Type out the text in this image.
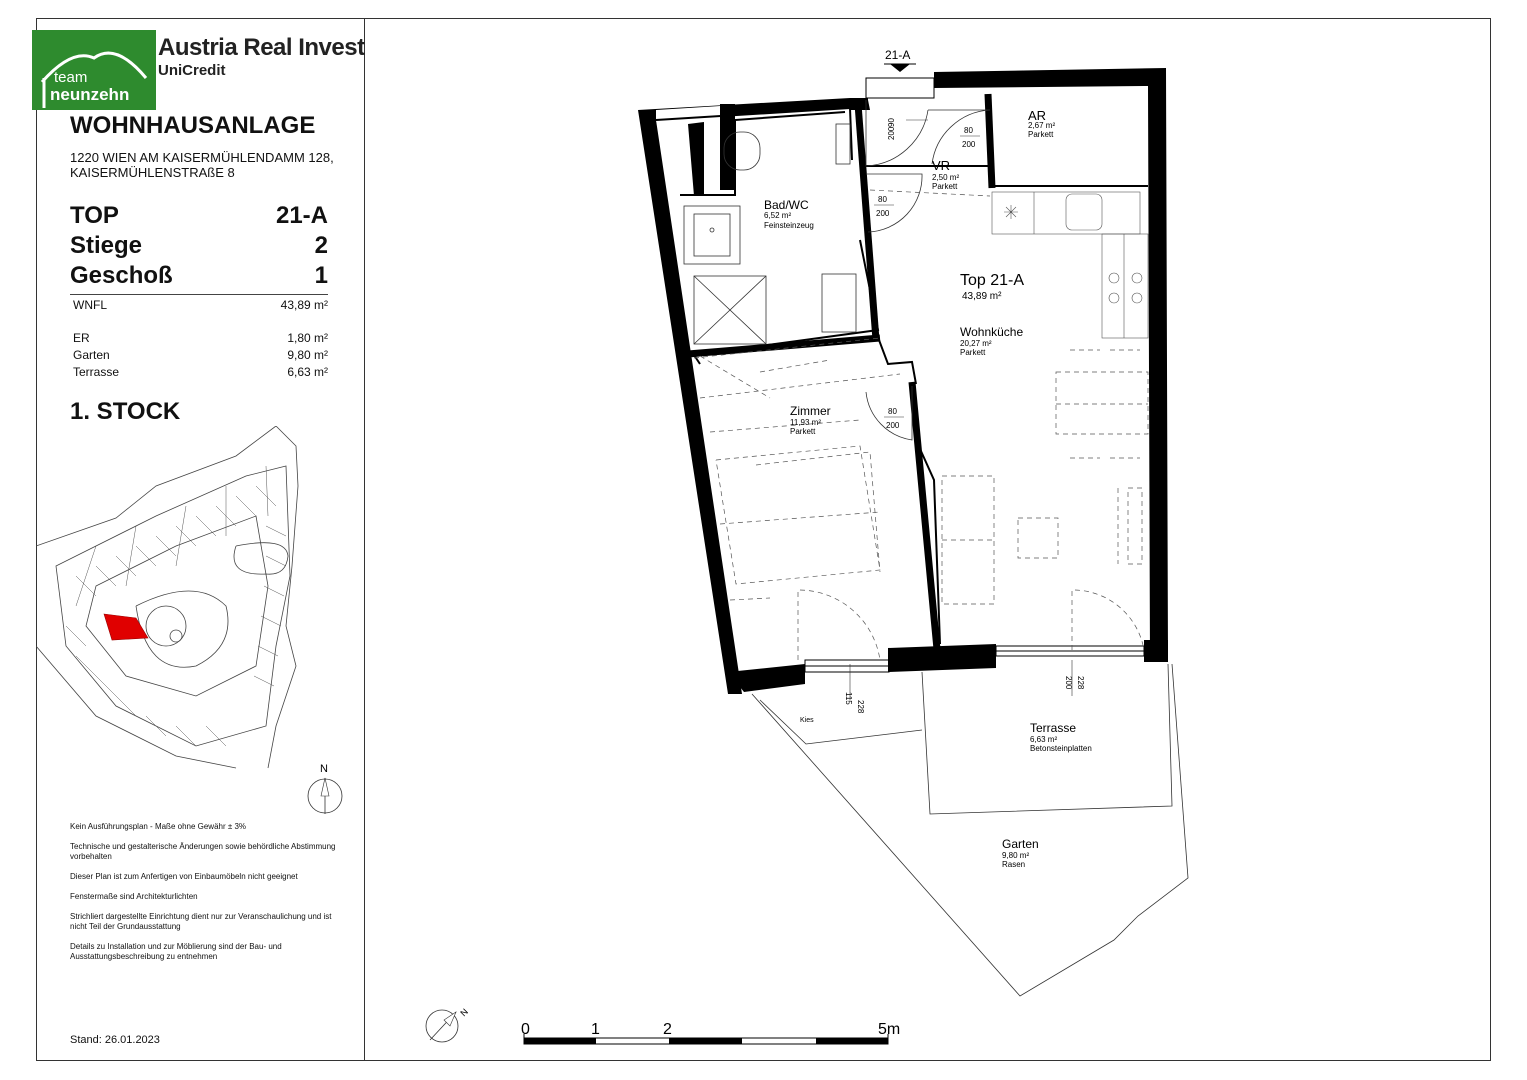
team
neunzehn
Austria Real Invest
UniCredit
WOHNHAUSANLAGE
1220 WIEN AM KAISERMÜHLENDAMM 128,
KAISERMÜHLENSTRAßE 8
TOP	21-A
Stiege	2
Geschoß	1
WNFL	43,89 m²
ER	1,80 m²
Garten	9,80 m²
Terrasse	6,63 m²
1. STOCK
N

Kein Ausführungsplan - Maße ohne Gewähr ± 3%

Technische und gestalterische Änderungen sowie behördliche Abstimmung vorbehalten

Dieser Plan ist zum Anfertigen von Einbaumöbeln nicht geeignet

Fenstermaße sind Architekturlichten

Strichliert dargestellte Einrichtung dient nur zur Veranschaulichung und ist nicht Teil der Grundausstattung

Details zu Installation und zur Möblierung sind der Bau- und Ausstattungsbeschreibung zu entnehmen

Stand: 26.01.2023
21-A
AR
2,67 m²
Parkett
VR
2,50 m²
Parkett
Bad/WC
6,52 m²
Feinsteinzeug
Top 21-A
43,89 m²
Wohnküche
20,27 m²
Parkett
Zimmer
11,93 m²
Parkett
Terrasse
6,63 m²
Betonsteinplatten
Garten
9,80 m²
Rasen
Kies
90
200	80
200
80
200
80
200
228
115
228
200
N
0	1	2	5m
